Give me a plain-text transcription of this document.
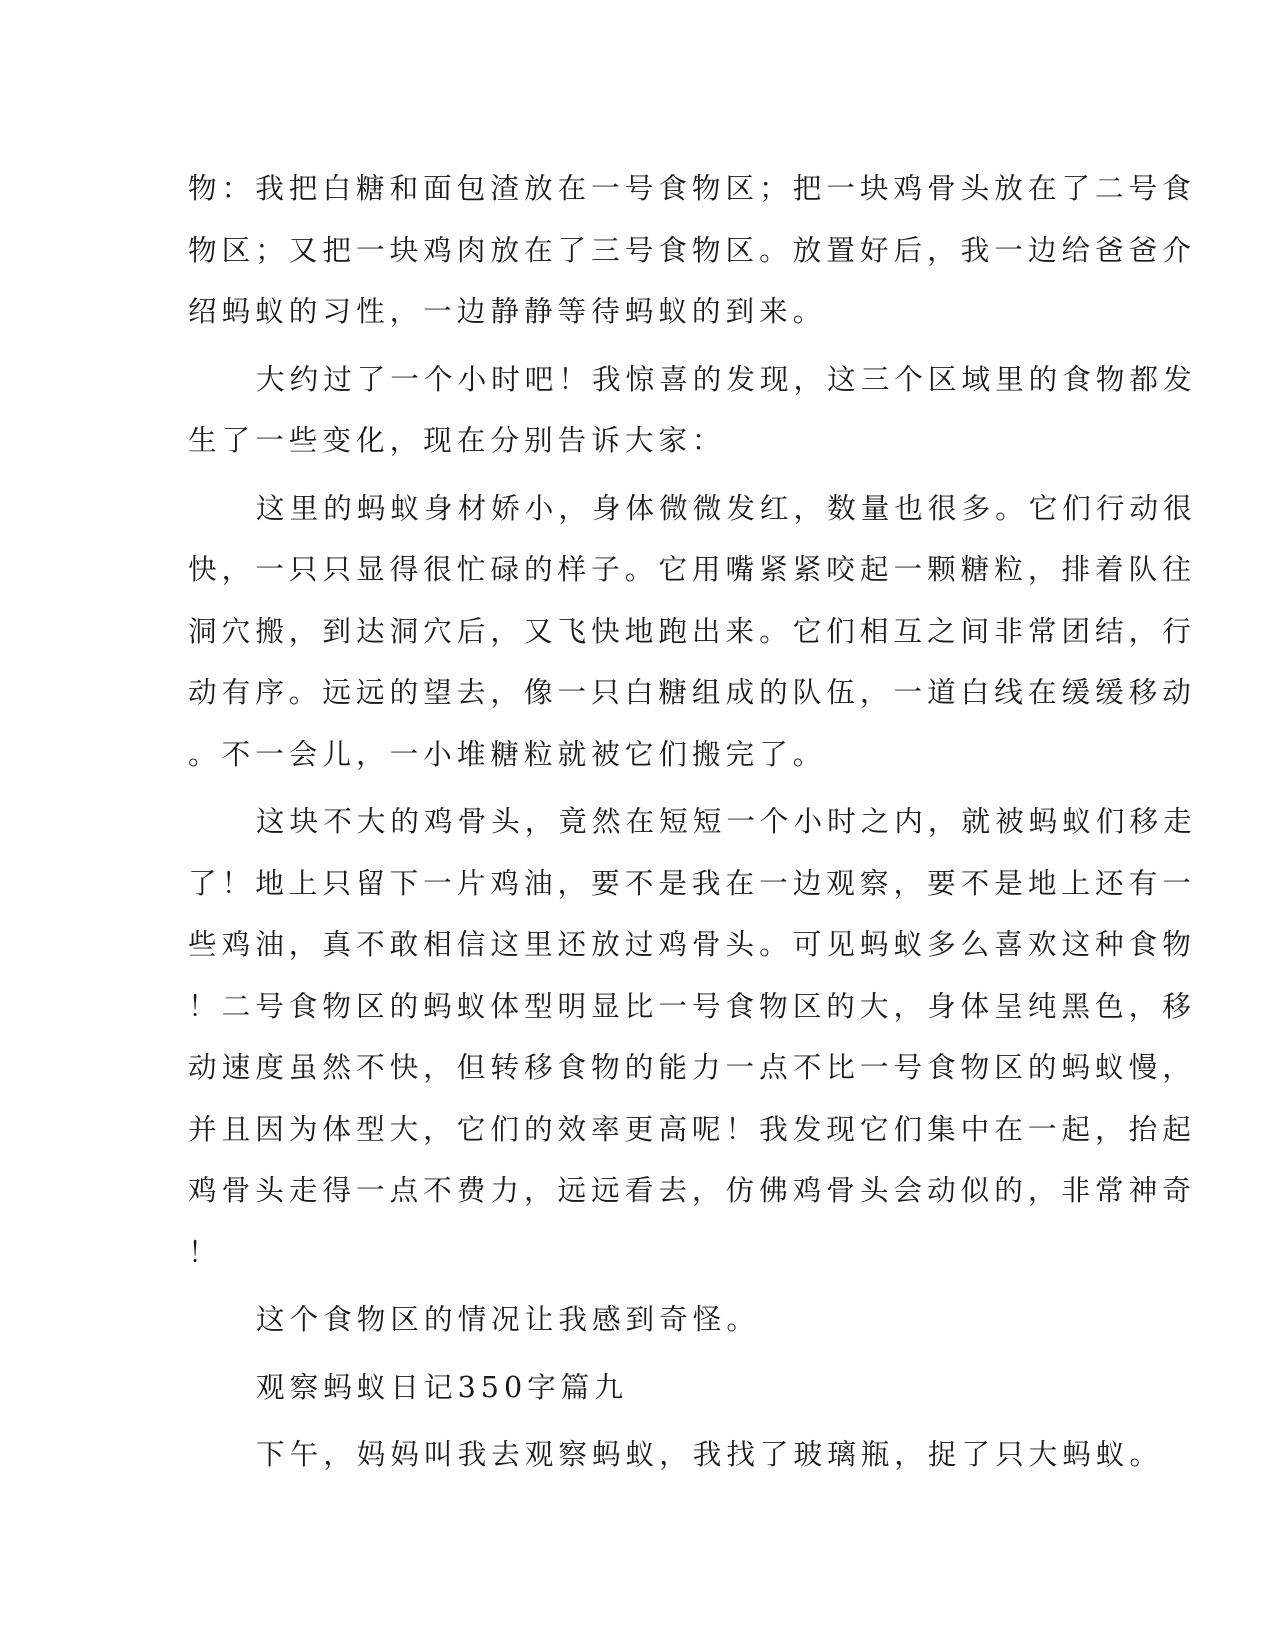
物：我把白糖和面包渣放在一号食物区；把一块鸡骨头放在了二号食
物区；又把一块鸡肉放在了三号食物区。放置好后，我一边给爸爸介
绍蚂蚁的习性，一边静静等待蚂蚁的到来。
大约过了一个小时吧！我惊喜的发现，这三个区域里的食物都发
生了一些变化，现在分别告诉大家：
这里的蚂蚁身材娇小，身体微微发红，数量也很多。它们行动很
快，一只只显得很忙碌的样子。它用嘴紧紧咬起一颗糖粒，排着队往
洞穴搬，到达洞穴后，又飞快地跑出来。它们相互之间非常团结，行
动有序。远远的望去，像一只白糖组成的队伍，一道白线在缓缓移动
。不一会儿，一小堆糖粒就被它们搬完了。
这块不大的鸡骨头，竟然在短短一个小时之内，就被蚂蚁们移走
了！地上只留下一片鸡油，要不是我在一边观察，要不是地上还有一
些鸡油，真不敢相信这里还放过鸡骨头。可见蚂蚁多么喜欢这种食物
！二号食物区的蚂蚁体型明显比一号食物区的大，身体呈纯黑色，移
动速度虽然不快，但转移食物的能力一点不比一号食物区的蚂蚁慢，
并且因为体型大，它们的效率更高呢！我发现它们集中在一起，抬起
鸡骨头走得一点不费力，远远看去，仿佛鸡骨头会动似的，非常神奇
！
这个食物区的情况让我感到奇怪。
观察蚂蚁日记350字篇九
下午，妈妈叫我去观察蚂蚁，我找了玻璃瓶，捉了只大蚂蚁。
